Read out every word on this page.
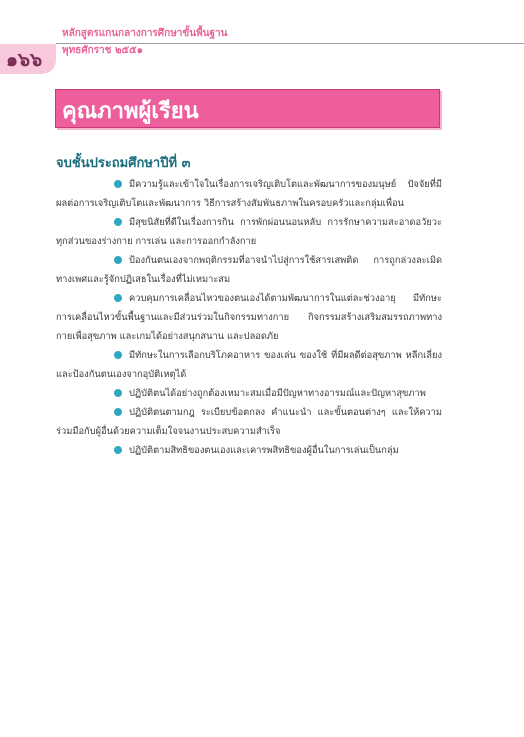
๑๖๖
หลักสูตรแกนกลางการศึกษาขั้นพื้นฐาน
พุทธศักราช ๒๕๕๑
คุณภาพผู้เรียน
จบชั้นประถมศึกษาปีที่ ๓

มีความรู้และเข้าใจในเรื่องการเจริญเติบโตและพัฒนาการของมนุษย์ ปัจจัยที่มีผลต่อการเจริญเติบโตและพัฒนาการ วิธีการสร้างสัมพันธภาพในครอบครัวและกลุ่มเพื่อน

มีสุขนิสัยที่ดีในเรื่องการกิน การพักผ่อนนอนหลับ การรักษาความสะอาดอวัยวะทุกส่วนของร่างกาย การเล่น และการออกกำลังกาย

ป้องกันตนเองจากพฤติกรรมที่อาจนำไปสู่การใช้สารเสพติด การถูกล่วงละเมิดทางเพศและรู้จักปฏิเสธในเรื่องที่ไม่เหมาะสม

ควบคุมการเคลื่อนไหวของตนเองได้ตามพัฒนาการในแต่ละช่วงอายุ มีทักษะการเคลื่อนไหวขั้นพื้นฐานและมีส่วนร่วมในกิจกรรมทางกาย กิจกรรมสร้างเสริมสมรรถภาพทางกายเพื่อสุขภาพ และเกมได้อย่างสนุกสนาน และปลอดภัย

มีทักษะในการเลือกบริโภคอาหาร ของเล่น ของใช้ ที่มีผลดีต่อสุขภาพ หลีกเลี่ยงและป้องกันตนเองจากอุบัติเหตุได้

ปฏิบัติตนได้อย่างถูกต้องเหมาะสมเมื่อมีปัญหาทางอารมณ์และปัญหาสุขภาพ

ปฏิบัติตนตามกฎ ระเบียบข้อตกลง คำแนะนำ และขั้นตอนต่างๆ และให้ความร่วมมือกับผู้อื่นด้วยความเต็มใจจนงานประสบความสำเร็จ

ปฏิบัติตามสิทธิของตนเองและเคารพสิทธิของผู้อื่นในการเล่นเป็นกลุ่ม
